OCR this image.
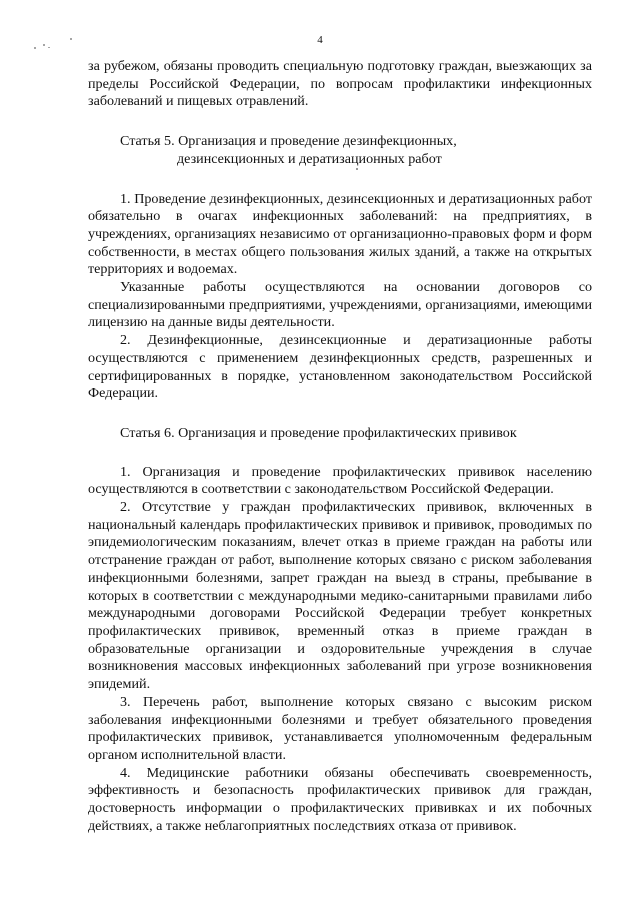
4

за рубежом, обязаны проводить специальную подготовку граждан, выезжающих за пределы Российской Федерации, по вопросам профилактики инфекционных заболеваний и пищевых отравлений.

Статья 5. Организация и проведение дезинфекционных,
дезинсекционных и дератизационных работ

1. Проведение дезинфекционных, дезинсекционных и дератизационных работ обязательно в очагах инфекционных заболеваний: на предприятиях, в учреждениях, организациях независимо от организационно-правовых форм и форм собственности, в местах общего пользования жилых зданий, а также на открытых территориях и водоемах.

Указанные работы осуществляются на основании договоров со специализированными предприятиями, учреждениями, организациями, имеющими лицензию на данные виды деятельности.

2. Дезинфекционные, дезинсекционные и дератизационные работы осуществляются с применением дезинфекционных средств, разрешенных и сертифицированных в порядке, установленном законодательством Российской Федерации.

Статья 6. Организация и проведение профилактических прививок

1. Организация и проведение профилактических прививок населению осуществляются в соответствии с законодательством Российской Федерации.

2. Отсутствие у граждан профилактических прививок, включенных в национальный календарь профилактических прививок и прививок, проводимых по эпидемиологическим показаниям, влечет отказ в приеме граждан на работы или отстранение граждан от работ, выполнение которых связано с риском заболевания инфекционными болезнями, запрет граждан на выезд в страны, пребывание в которых в соответствии с международными медико-санитарными правилами либо международными договорами Российской Федерации требует конкретных профилактических прививок, временный отказ в приеме граждан в образовательные организации и оздоровительные учреждения в случае возникновения массовых инфекционных заболеваний при угрозе возникновения эпидемий.

3. Перечень работ, выполнение которых связано с высоким риском заболевания инфекционными болезнями и требует обязательного проведения профилактических прививок, устанавливается уполномоченным федеральным органом исполнительной власти.

4. Медицинские работники обязаны обеспечивать своевременность, эффективность и безопасность профилактических прививок для граждан, достоверность информации о профилактических прививках и их побочных действиях, а также неблагоприятных последствиях отказа от прививок.
